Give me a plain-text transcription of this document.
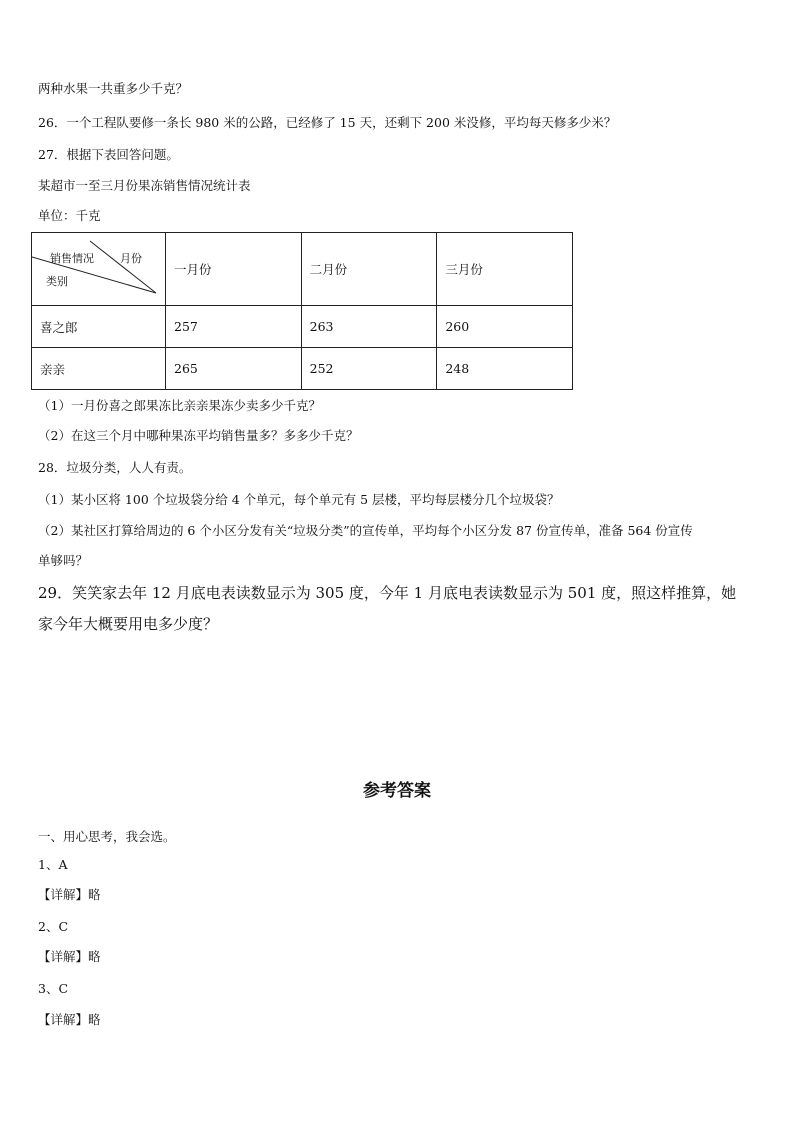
两种水果一共重多少千克？
26．一个工程队要修一条长 980 米的公路，已经修了 15 天，还剩下 200 米没修，平均每天修多少米？
27．根据下表回答问题。
某超市一至三月份果冻销售情况统计表
单位：千克
销售情况 月份
类别	一月份	二月份	三月份
喜之郎	257	263	260
亲亲	265	252	248
（1）一月份喜之郎果冻比亲亲果冻少卖多少千克？
（2）在这三个月中哪种果冻平均销售量多？多多少千克？
28．垃圾分类，人人有责。
（1）某小区将 100 个垃圾袋分给 4 个单元，每个单元有 5 层楼，平均每层楼分几个垃圾袋？
（2）某社区打算给周边的 6 个小区分发有关“垃圾分类”的宣传单，平均每个小区分发 87 份宣传单，准备 564 份宣传
单够吗？
29．笑笑家去年 12 月底电表读数显示为 305 度，今年 1 月底电表读数显示为 501 度，照这样推算，她
家今年大概要用电多少度？
参考答案
一、用心思考，我会选。
1、A
【详解】略
2、C
【详解】略
3、C
【详解】略
